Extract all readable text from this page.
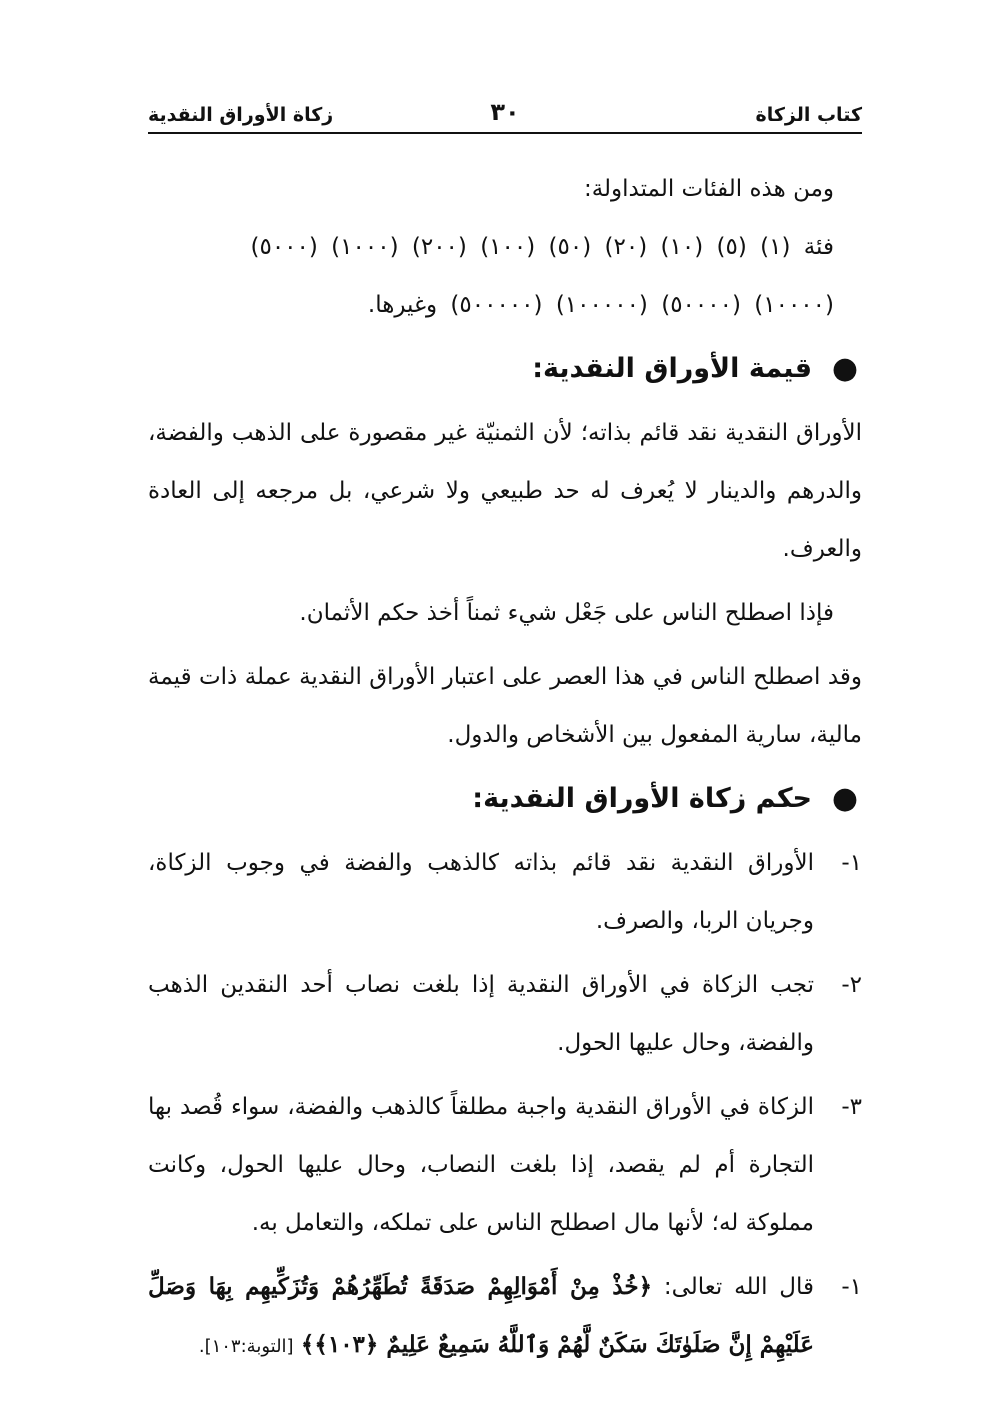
كتاب الزكاة
٣٠
زكاة الأوراق النقدية

ومن هذه الفئات المتداولة:

فئة (١) (٥) (١٠) (٢٠) (٥٠) (١٠٠) (٢٠٠) (١٠٠٠) (٥٠٠٠)

(١٠٠٠٠) (٥٠٠٠٠) (١٠٠٠٠٠) (٥٠٠٠٠٠) وغيرها.

●
قيمة الأوراق النقدية:

الأوراق النقدية نقد قائم بذاته؛ لأن الثمنيّة غير مقصورة على الذهب والفضة، والدرهم والدينار لا يُعرف له حد طبيعي ولا شرعي، بل مرجعه إلى العادة والعرف.

فإذا اصطلح الناس على جَعْل شيء ثمناً أخذ حكم الأثمان.

وقد اصطلح الناس في هذا العصر على اعتبار الأوراق النقدية عملة ذات قيمة مالية، سارية المفعول بين الأشخاص والدول.

●
حكم زكاة الأوراق النقدية:
١-
الأوراق النقدية نقد قائم بذاته كالذهب والفضة في وجوب الزكاة، وجريان الربا، والصرف.
٢-
تجب الزكاة في الأوراق النقدية إذا بلغت نصاب أحد النقدين الذهب والفضة، وحال عليها الحول.
٣-
الزكاة في الأوراق النقدية واجبة مطلقاً كالذهب والفضة، سواء قُصد بها التجارة أم لم يقصد، إذا بلغت النصاب، وحال عليها الحول، وكانت مملوكة له؛ لأنها مال اصطلح الناس على تملكه، والتعامل به.
١-
قال الله تعالى: ﴿خُذْ مِنْ أَمْوَالِهِمْ صَدَقَةً تُطَهِّرُهُمْ وَتُزَكِّيهِم بِهَا وَصَلِّ عَلَيْهِمْ إِنَّ صَلَوٰتَكَ سَكَنٌ لَّهُمْ وَٱللَّهُ سَمِيعٌ عَلِيمٌ ﴿١٠٣﴾﴾ [التوبة:١٠٣].
